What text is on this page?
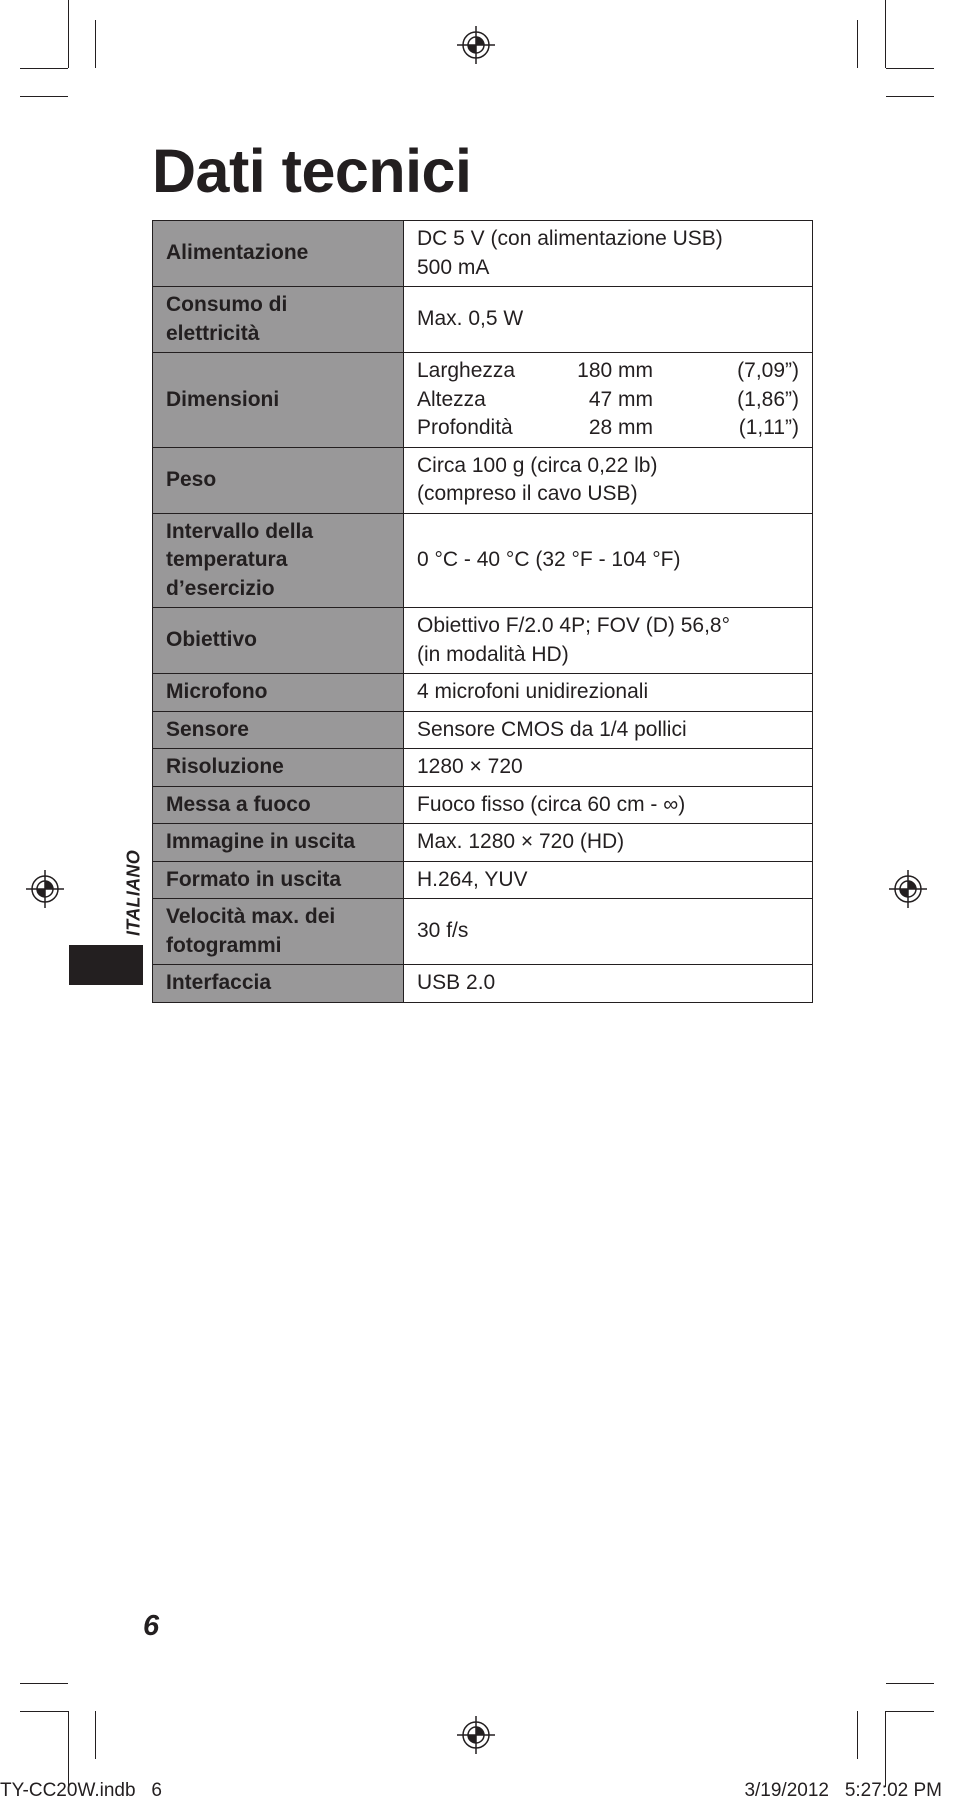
Dati tecnici
Alimentazione	DC 5 V (con alimentazione USB)
500 mA
Consumo di
elettricità	Max. 0,5 W
Dimensioni	
Larghezza	180 mm	(7,09”)
Altezza	47 mm	(1,86”)
Profondità	28 mm	(1,11”)

Peso	Circa 100 g (circa 0,22 lb)
(compreso il cavo USB)
Intervallo della
temperatura
d’esercizio	0 °C - 40 °C (32 °F - 104 °F)
Obiettivo	Obiettivo F/2.0 4P; FOV (D) 56,8°
(in modalità HD)
Microfono	4 microfoni unidirezionali
Sensore	Sensore CMOS da 1/4 pollici
Risoluzione	1280 × 720
Messa a fuoco	Fuoco fisso (circa 60 cm - ∞)
Immagine in uscita	Max. 1280 × 720 (HD)
Formato in uscita	H.264, YUV
Velocità max. dei
fotogrammi	30 f/s
Interfaccia	USB 2.0
ITALIANO
6
TY-CC20W.indb   6	3/19/2012   5:27:02 PM
